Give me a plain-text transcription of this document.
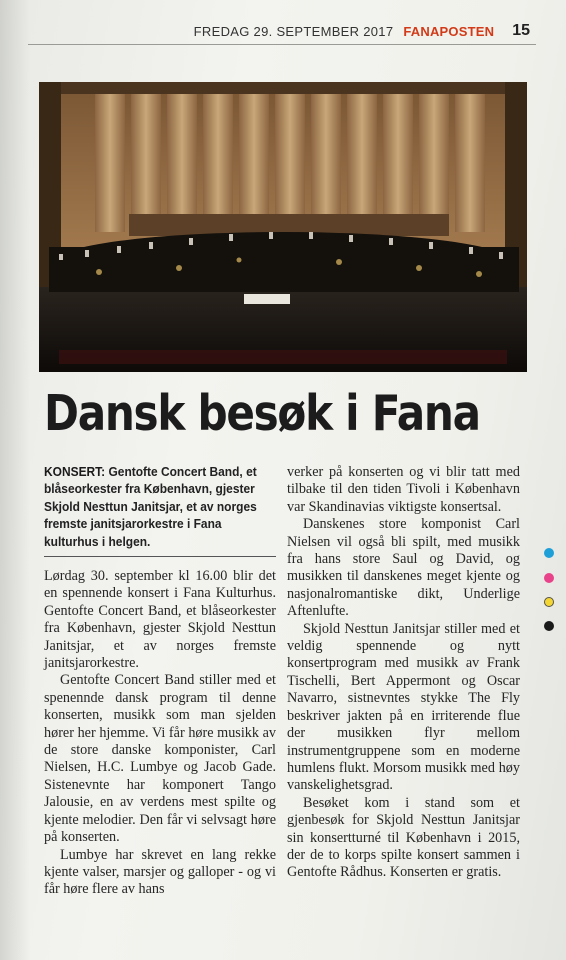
FREDAG 29. SEPTEMBER 2017 FANAPOSTEN 15
Dansk besøk i Fana
KONSERT: Gentofte Concert Band, et blåseorkester fra København, gjester Skjold Nesttun Janitsjar, et av norges fremste janitsjarorkestre i Fana kulturhus i helgen.

Lørdag 30. september kl 16.00 blir det en spennende konsert i Fana Kulturhus. Gentofte Concert Band, et blåseorkester fra København, gjester Skjold Nesttun Janitsjar, et av norges fremste janitsjarorkestre.

Gentofte Concert Band stiller med et spenennde dansk program til denne konserten, musikk som man sjelden hører her hjemme. Vi får høre musikk av de store danske komponister, Carl Nielsen, H.C. Lumbye og Jacob Gade. Sistenevnte har komponert Tango Jalousie, en av verdens mest spilte og kjente melodier. Den får vi selvsagt høre på konserten.

Lumbye har skrevet en lang rekke kjente valser, marsjer og galloper - og vi får høre flere av hans

verker på konserten og vi blir tatt med tilbake til den tiden Tivoli i København var Skandinavias viktigste konsertsal.

Danskenes store komponist Carl Nielsen vil også bli spilt, med musikk fra hans store Saul og David, og musikken til danskenes meget kjente og nasjonalromantiske dikt, Underlige Aftenlufte.

Skjold Nesttun Janitsjar stiller med et veldig spennende og nytt konsertprogram med musikk av Frank Tischelli, Bert Appermont og Oscar Navarro, sistnevntes stykke The Fly beskriver jakten på en irriterende flue der musikken flyr mellom instrumentgruppene som en moderne humlens flukt. Morsom musikk med høy vanskelighetsgrad.

Besøket kom i stand som et gjenbesøk for Skjold Nesttun Janitsjar sin konsertturné til København i 2015, der de to korps spilte konsert sammen i Gentofte Rådhus. Konserten er gratis.
